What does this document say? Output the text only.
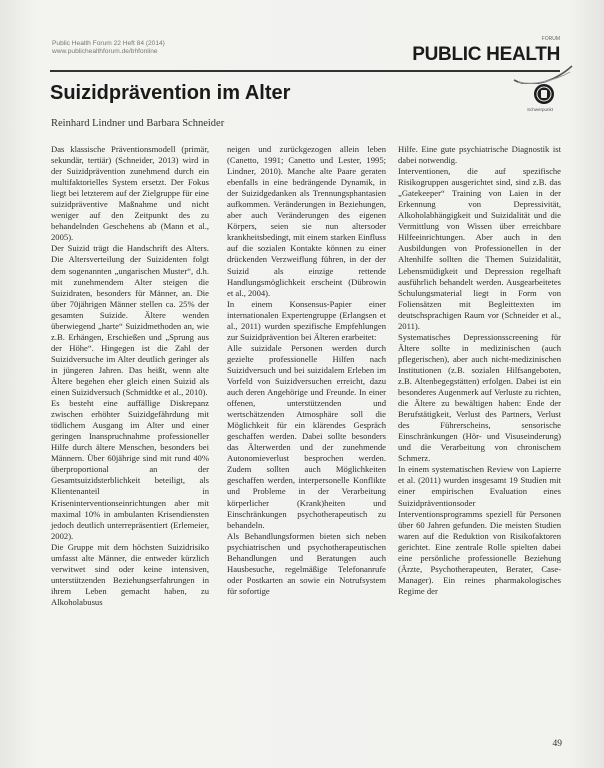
Public Health Forum 22 Heft 84 (2014)
www.publichealthforum.de/bhfonline
FORUM
PUBLIC HEALTH
Suizidprävention im Alter
Schwerpunkt
Reinhard Lindner und Barbara Schneider

Das klassische Präventionsmodell (primär, sekundär, tertiär) (Schneider, 2013) wird in der Suizidprävention zunehmend durch ein multifaktorielles System ersetzt. Der Fokus liegt bei letzterem auf der Zielgruppe für eine suizidpräventive Maßnahme und nicht weniger auf den Zeitpunkt des zu behandelnden Geschehens ab (Mann et al., 2005).

Der Suizid trägt die Handschrift des Alters. Die Altersverteilung der Suizidenten folgt dem sogenannten „ungarischen Muster“, d.h. mit zunehmendem Alter steigen die Suizidraten, besonders für Männer, an. Die über 70jährigen Männer stellen ca. 25% der gesamten Suizide. Ältere wenden überwiegend „harte“ Suizidmethoden an, wie z.B. Erhängen, Erschießen und „Sprung aus der Höhe“. Hingegen ist die Zahl der Suizidversuche im Alter deutlich geringer als in jüngeren Jahren. Das heißt, wenn alte Ältere begehen eher gleich einen Suizid als einen Suizidversuch (Schmidtke et al., 2010).

Es besteht eine auffällige Diskrepanz zwischen erhöhter Suizidgefährdung mit tödlichem Ausgang im Alter und einer geringen Inanspruchnahme professioneller Hilfe durch ältere Menschen, besonders bei Männern. Über 60jährige sind mit rund 40% überproportional an der Gesamtsuizidsterblichkeit beteiligt, als Klientenanteil in Kriseninterventionseinrichtungen aber mit maximal 10% in ambulanten Krisendiensten jedoch deutlich unterrepräsentiert (Erlemeier, 2002).

Die Gruppe mit dem höchsten Suizidrisiko umfasst alte Männer, die entweder kürzlich verwitwet sind oder keine intensiven, unterstützenden Beziehungserfahrungen in ihrem Leben gemacht haben, zu Alkoholabusus

neigen und zurückgezogen allein leben (Canetto, 1991; Canetto und Lester, 1995; Lindner, 2010). Manche alte Paare geraten ebenfalls in eine bedrängende Dynamik, in der Suizidgedanken als Trennungsphantasien aufkommen. Veränderungen in Beziehungen, aber auch Veränderungen des eigenen Körpers, seien sie nun altersoder krankheitsbedingt, mit einem starken Einfluss auf die sozialen Kontakte können zu einer drückenden Verzweiflung führen, in der der Suizid als einzige rettende Handlungsmöglichkeit erscheint (Dübrowin et al., 2004).

In einem Konsensus-Papier einer internationalen Expertengruppe (Erlangsen et al., 2011) wurden spezifische Empfehlungen zur Suizidprävention bei Älteren erarbeitet:

Alle suizidale Personen werden durch gezielte professionelle Hilfen nach Suizidversuch und bei suizidalem Erleben im Vorfeld von Suizidversuchen erreicht, dazu auch deren Angehörige und Freunde. In einer offenen, unterstützenden und wertschätzenden Atmosphäre soll die Möglichkeit für ein klärendes Gespräch geschaffen werden. Dabei sollte besonders das Älterwerden und der zunehmende Autonomieverlust besprochen werden. Zudem sollten auch Möglichkeiten geschaffen werden, interpersonelle Konflikte und Probleme in der Verarbeitung körperlicher (Krank)heiten und Einschränkungen psychotherapeutisch zu behandeln.

Als Behandlungsformen bieten sich neben psychiatrischen und psychotherapeutischen Behandlungen und Beratungen auch Hausbesuche, regelmäßige Telefonanrufe oder Postkarten an sowie ein Notrufsystem für sofortige

Hilfe. Eine gute psychiatrische Diagnostik ist dabei notwendig.

Interventionen, die auf spezifische Risikogruppen ausgerichtet sind, sind z.B. das „Gatekeeper“ Training von Laien in der Erkennung von Depressivität, Alkoholabhängigkeit und Suizidalität und die Vermittlung von Wissen über erreichbare Hilfeeinrichtungen. Aber auch in den Ausbildungen von Professionellen in der Altenhilfe sollten die Themen Suizidalität, Lebensmüdigkeit und Depression regelhaft ausführlich behandelt werden. Ausgearbeitetes Schulungsmaterial liegt in Form von Foliensätzen mit Begleittexten im deutschsprachigen Raum vor (Schneider et al., 2011).

Systematisches Depressionsscreening für Ältere sollte in medizinischen (auch pflegerischen), aber auch nicht-medizinischen Institutionen (z.B. sozialen Hilfsangeboten, z.B. Altenbegegstätten) erfolgen. Dabei ist ein besonderes Augenmerk auf Verluste zu richten, die Ältere zu bewältigen haben: Ende der Berufstätigkeit, Verlust des Partners, Verlust des Führerscheins, sensorische Einschränkungen (Hör- und Visuseinderung) und die Verarbeitung von chronischem Schmerz.

In einem systematischen Review von Lapierre et al. (2011) wurden insgesamt 19 Studien mit einer empirischen Evaluation eines Suizidpräventionsoder Interventionsprogramms speziell für Personen über 60 Jahren gefunden. Die meisten Studien waren auf die Reduktion von Risikofaktoren gerichtet. Eine zentrale Rolle spielten dabei eine persönliche professionelle Beziehung (Ärzte, Psychotherapeuten, Berater, Case-Manager). Ein reines pharmakologisches Regime der

49
